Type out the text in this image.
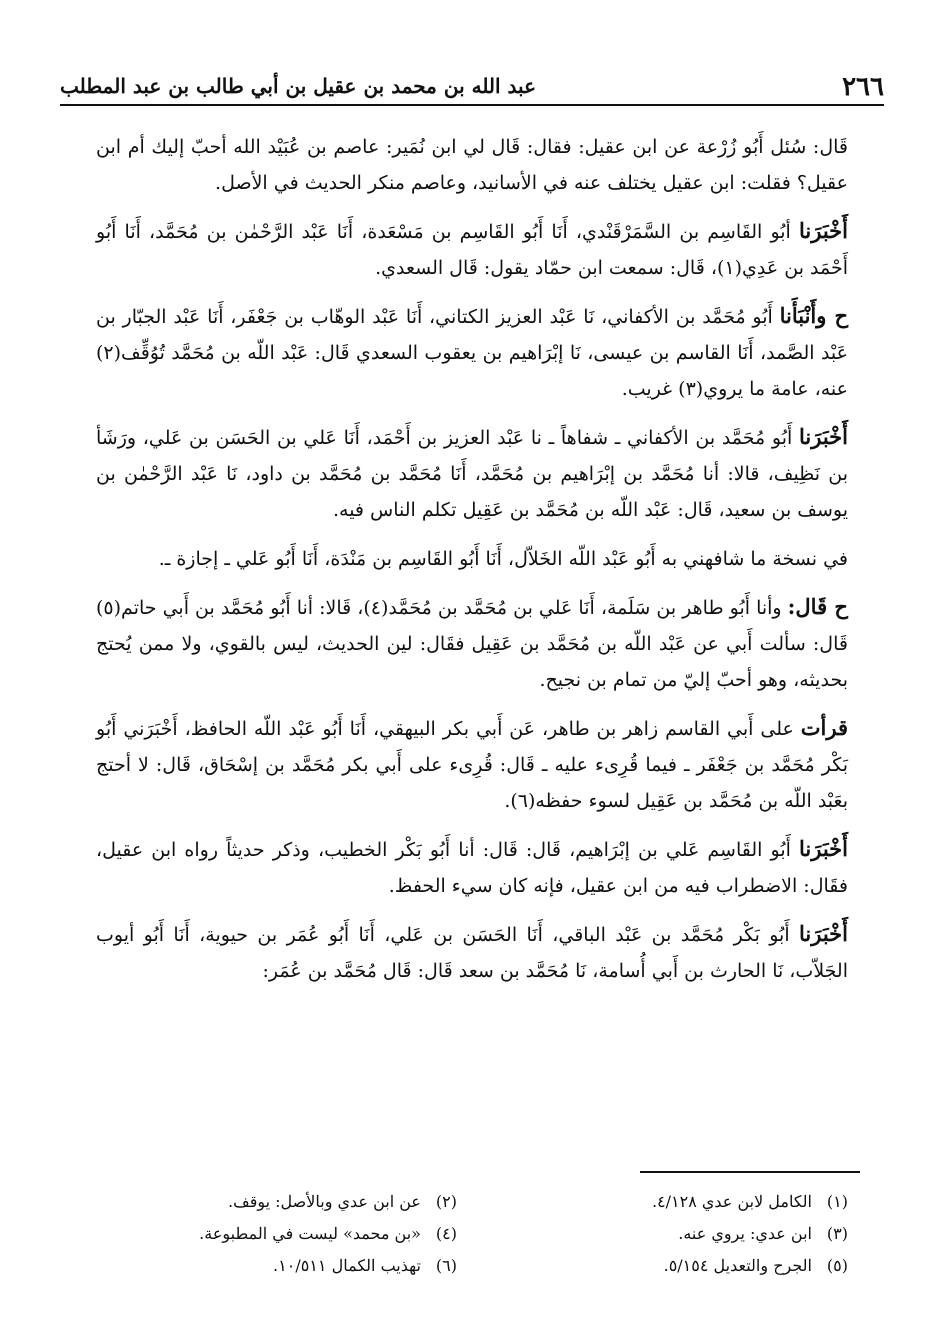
٢٦٦
عبد الله بن محمد بن عقيل بن أبي طالب بن عبد المطلب

قَال: سُئل أَبُو زُرْعة عن ابن عقيل: فقال: قَال لي ابن نُمَير: عاصم بن عُبَيْد الله أحبّ إليك أم ابن عقيل؟ فقلت: ابن عقيل يختلف عنه في الأسانيد، وعاصم منكر الحديث في الأصل.

أَخْبَرَنا أبُو القَاسِم بن السَّمَرْقَنْدي، أَنَا أَبُو القَاسِم بن مَسْعَدة، أَنَا عَبْد الرَّحْمٰن بن مُحَمَّد، أَنَا أَبُو أَحْمَد بن عَدِي(١)، قَال: سمعت ابن حمّاد يقول: قَال السعدي.

ح وأَنْبَأَنا أَبُو مُحَمَّد بن الأكفاني، نَا عَبْد العزيز الكتاني، أَنَا عَبْد الوهّاب بن جَعْفَر، أَنَا عَبْد الجبّار بن عَبْد الصَّمد، أَنَا القاسم بن عيسى، نَا إبْرَاهيم بن يعقوب السعدي قَال: عَبْد اللّه بن مُحَمَّد تُوُقِّف(٢) عنه، عامة ما يروي(٣) غريب.

أَخْبَرَنا أَبُو مُحَمَّد بن الأكفاني ـ شفاهاً ـ نا عَبْد العزيز بن أَحْمَد، أَنَا عَلي بن الحَسَن بن عَلي، ورَشَأ بن نَظِيف، قالا: أنا مُحَمَّد بن إبْرَاهيم بن مُحَمَّد، أَنَا مُحَمَّد بن مُحَمَّد بن داود، نَا عَبْد الرَّحْمٰن بن يوسف بن سعيد، قَال: عَبْد اللّه بن مُحَمَّد بن عَقِيل تكلم الناس فيه.

في نسخة ما شافهني به أَبُو عَبْد اللّه الخَلاّل، أَنَا أَبُو القَاسِم بن مَنْدَة، أَنَا أَبُو عَلي ـ إجازة ـ.

ح قَال: وأنا أَبُو طاهر بن سَلَمة، أَنَا عَلي بن مُحَمَّد بن مُحَمَّد(٤)، قَالا: أنا أَبُو مُحَمَّد بن أَبي حاتم(٥) قَال: سألت أَبي عن عَبْد اللّه بن مُحَمَّد بن عَقِيل فقَال: لين الحديث، ليس بالقوي، ولا ممن يُحتج بحديثه، وهو أحبّ إليّ من تمام بن نجيح.

قرأت على أَبي القاسم زاهر بن طاهر، عَن أَبي بكر البيهقي، أَنَا أَبُو عَبْد اللّه الحافظ، أَخْبَرَني أَبُو بَكْر مُحَمَّد بن جَعْفَر ـ فيما قُرِىء عليه ـ قَال: قُرِىء على أَبي بكر مُحَمَّد بن إسْحَاق، قَال: لا أحتج بعَبْد اللّه بن مُحَمَّد بن عَقِيل لسوء حفظه(٦).

أَخْبَرَنا أَبُو القَاسِم عَلي بن إبْرَاهيم، قَال: قَال: أنا أَبُو بَكْر الخطيب، وذكر حديثاً رواه ابن عقيل، فقَال: الاضطراب فيه من ابن عقيل، فإنه كان سيء الحفظ.

أَخْبَرَنا أَبُو بَكْر مُحَمَّد بن عَبْد الباقي، أَنَا الحَسَن بن عَلي، أَنَا أَبُو عُمَر بن حيوية، أَنَا أَبُو أيوب الجَلاّب، نَا الحارث بن أَبي أُسامة، نَا مُحَمَّد بن سعد قَال: قَال مُحَمَّد بن عُمَر:

(١)الكامل لابن عدي ٤/١٢٨.
(٣)ابن عدي: يروي عنه.
(٥)الجرح والتعديل ٥/١٥٤.
(٢)عن ابن عدي وبالأصل: يوقف.
(٤)«بن محمد» ليست في المطبوعة.
(٦)تهذيب الكمال ١٠/٥١١.
